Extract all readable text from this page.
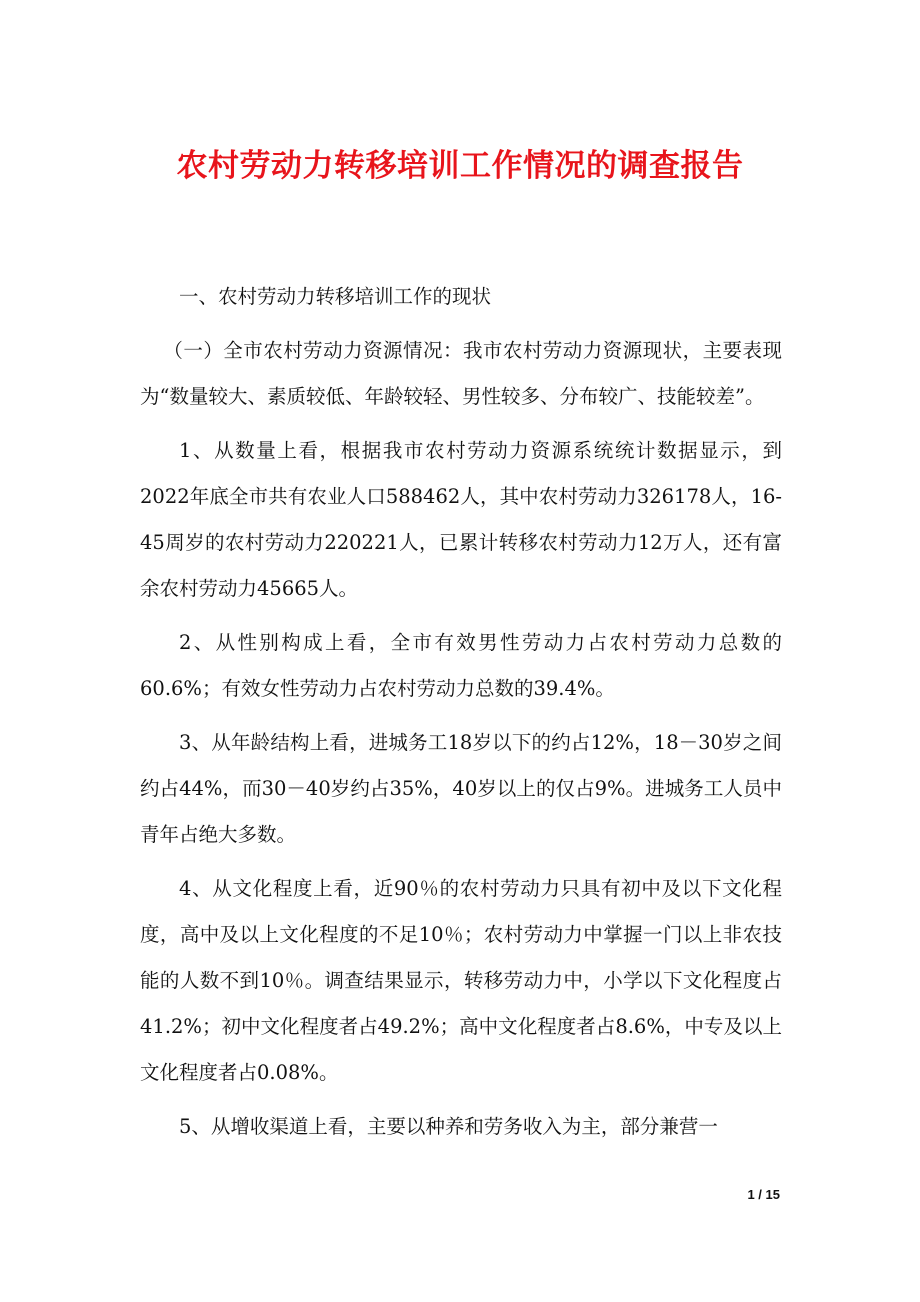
农村劳动力转移培训工作情况的调查报告

一、农村劳动力转移培训工作的现状

（一）全市农村劳动力资源情况：我市农村劳动力资源现状，主要表现为“数量较大、素质较低、年龄较轻、男性较多、分布较广、技能较差”。

1、从数量上看，根据我市农村劳动力资源系统统计数据显示，到2022年底全市共有农业人口588462人，其中农村劳动力326178人，16-45周岁的农村劳动力220221人，已累计转移农村劳动力12万人，还有富余农村劳动力45665人。

2、从性别构成上看，全市有效男性劳动力占农村劳动力总数的60.6%；有效女性劳动力占农村劳动力总数的39.4%。

3、从年龄结构上看，进城务工18岁以下的约占12%，18－30岁之间约占44%，而30－40岁约占35%，40岁以上的仅占9%。进城务工人员中青年占绝大多数。

4、从文化程度上看，近90％的农村劳动力只具有初中及以下文化程度，高中及以上文化程度的不足10％；农村劳动力中掌握一门以上非农技能的人数不到10％。调查结果显示，转移劳动力中，小学以下文化程度占41.2%；初中文化程度者占49.2%；高中文化程度者占8.6%，中专及以上文化程度者占0.08%。

5、从增收渠道上看，主要以种养和劳务收入为主，部分兼营一

1 / 15
